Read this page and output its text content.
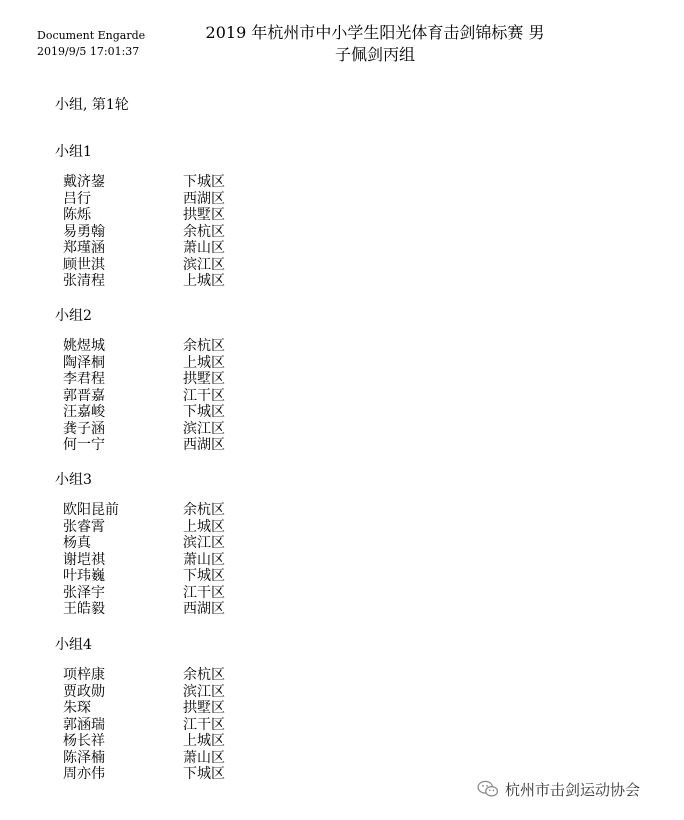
Document Engarde
2019/9/5 17:01:37
2019 年杭州市中小学生阳光体育击剑锦标赛 男子佩剑丙组
小组, 第1轮
小组1
戴济鋆	下城区
吕行	西湖区
陈烁	拱墅区
易勇翰	余杭区
郑瑾涵	萧山区
顾世淇	滨江区
张清程	上城区
小组2
姚煜城	余杭区
陶泽桐	上城区
李君程	拱墅区
郭晋嘉	江干区
汪嘉峻	下城区
龚子涵	滨江区
何一宁	西湖区
小组3
欧阳昆前	余杭区
张睿霄	上城区
杨真	滨江区
谢垲祺	萧山区
叶玮巍	下城区
张泽宇	江干区
王皓毅	西湖区
小组4
项梓康	余杭区
贾政勋	滨江区
朱琛	拱墅区
郭涵瑞	江干区
杨长祥	上城区
陈泽楠	萧山区
周亦伟	下城区
杭州市击剑运动协会
